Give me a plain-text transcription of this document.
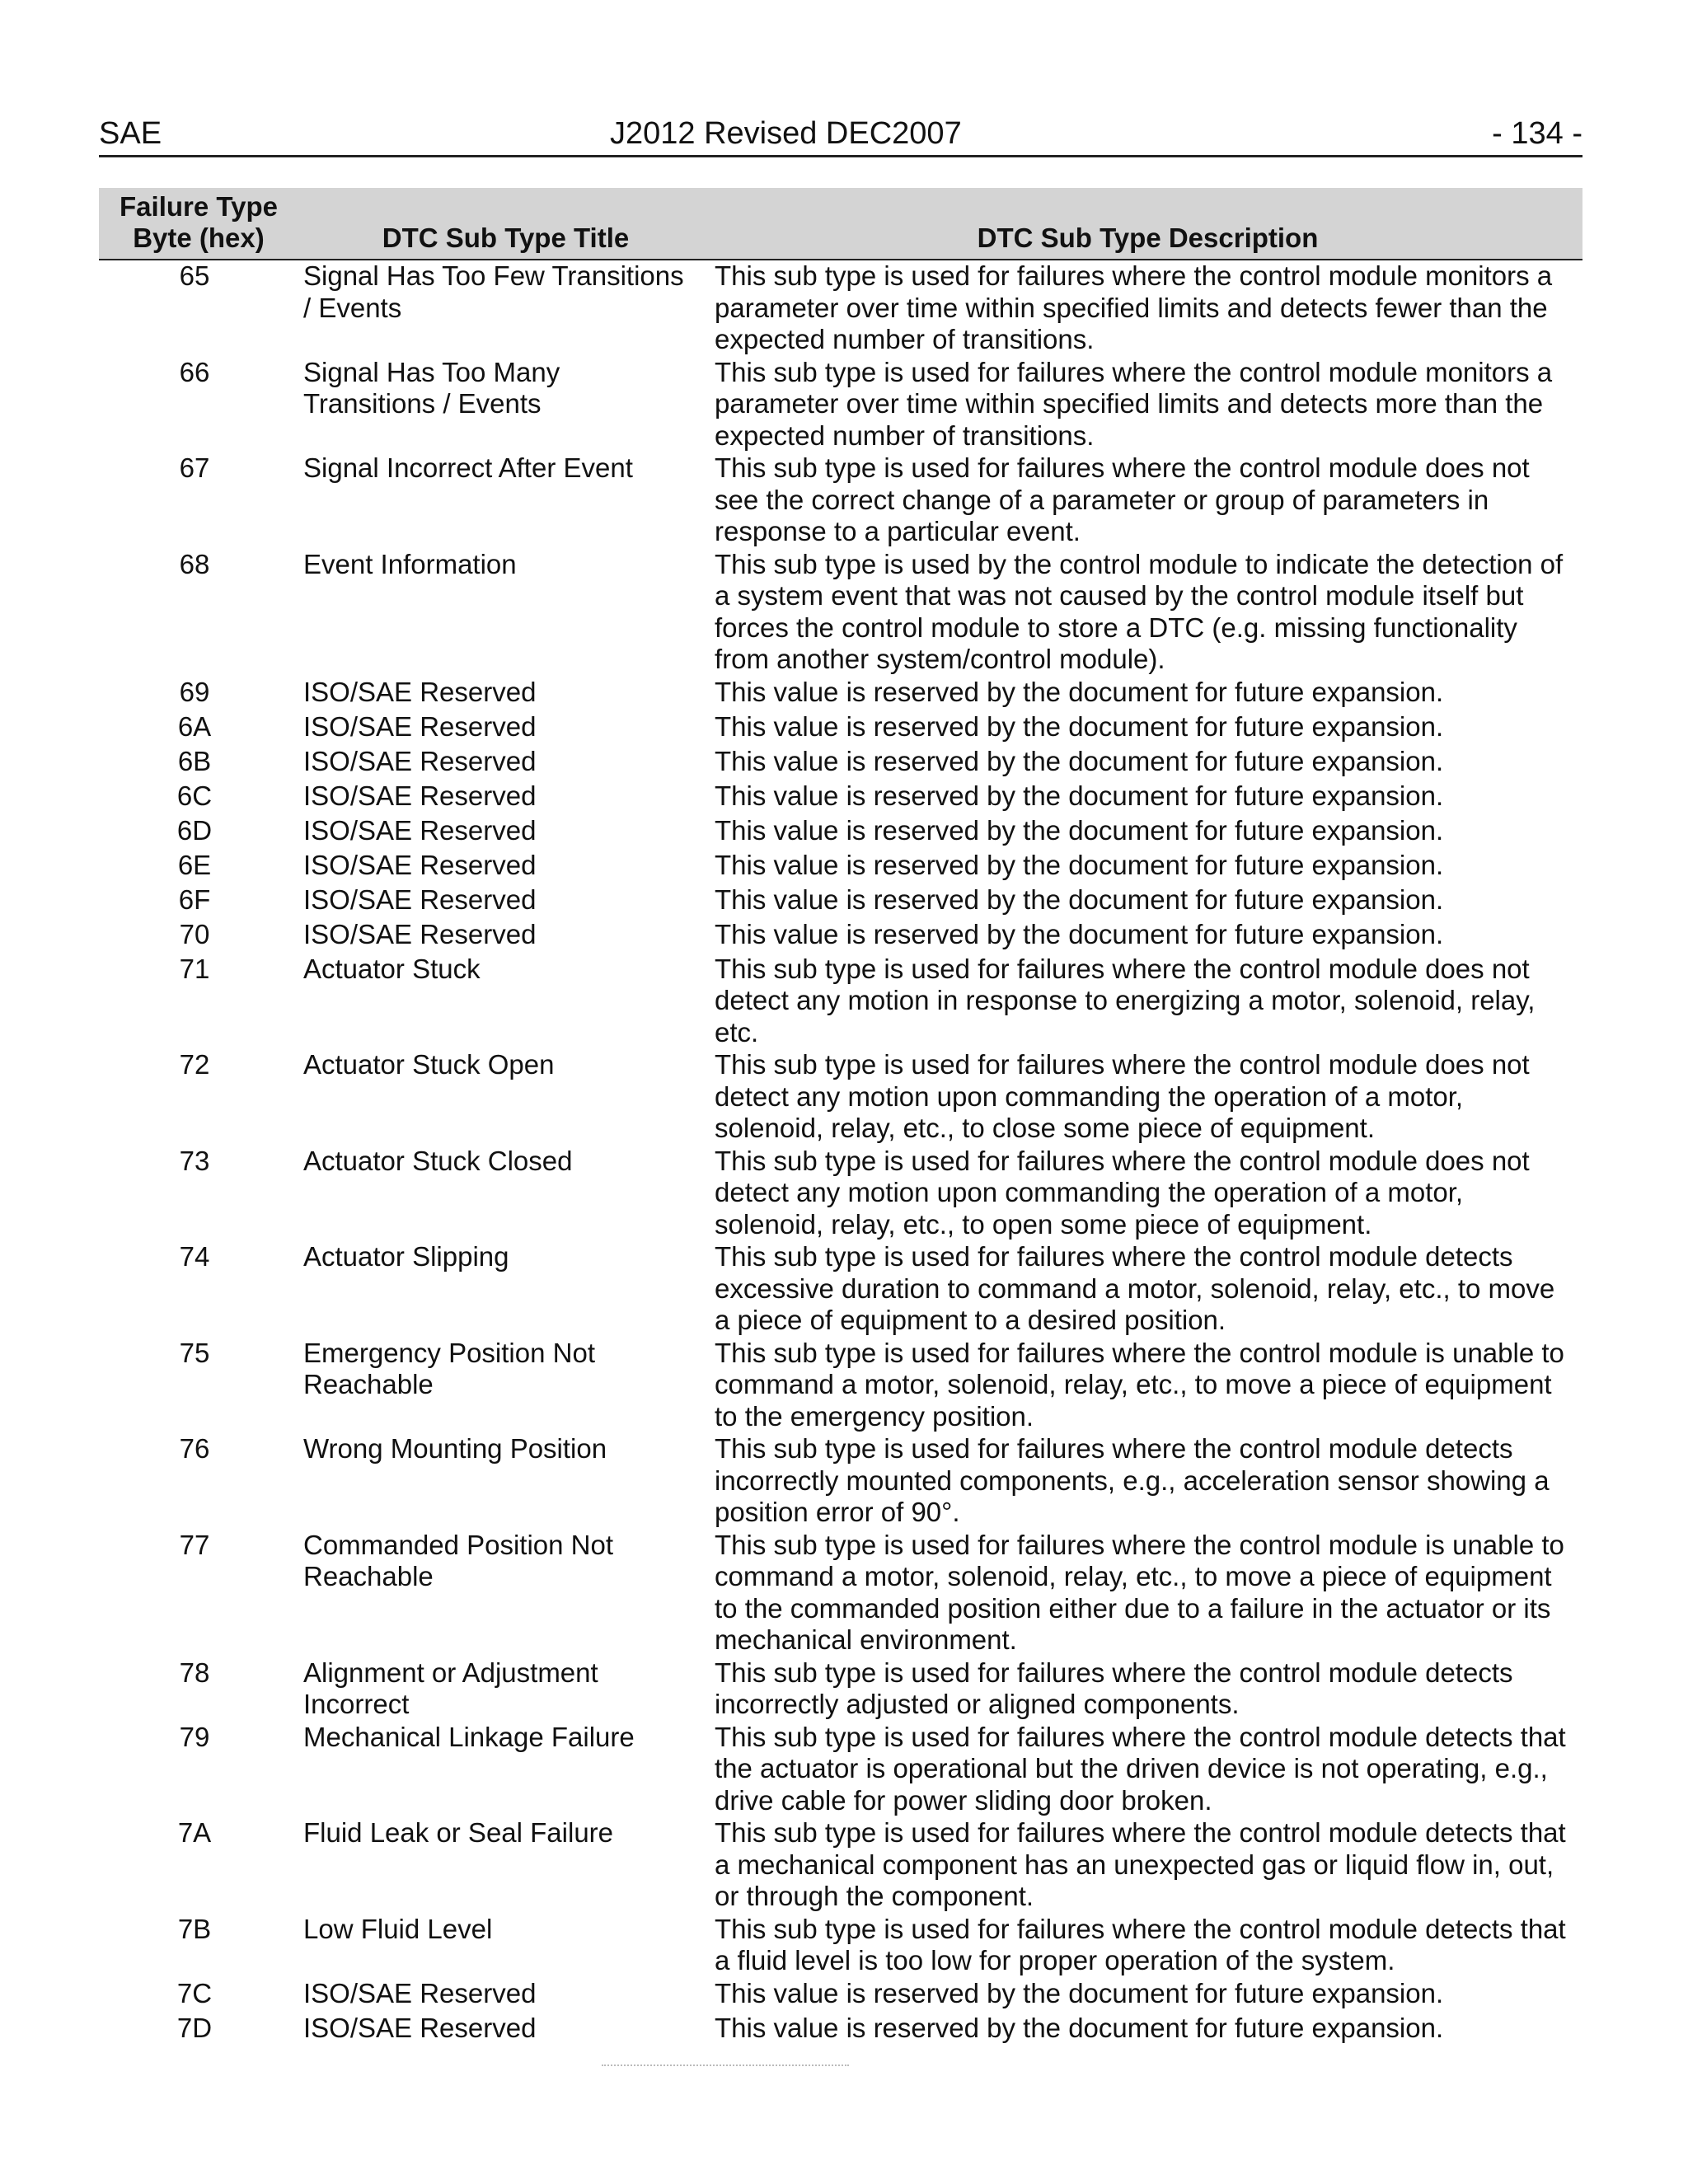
SAE	J2012 Revised DEC2007	- 134 -
Failure Type
Byte (hex)	DTC Sub Type Title	DTC Sub Type Description
65	Signal Has Too Few Transitions / Events	This sub type is used for failures where the control module monitors a parameter over time within specified limits and detects fewer than the expected number of transitions.
66	Signal Has Too Many Transitions / Events	This sub type is used for failures where the control module monitors a parameter over time within specified limits and detects more than the expected number of transitions.
67	Signal Incorrect After Event	This sub type is used for failures where the control module does not see the correct change of a parameter or group of parameters in response to a particular event.
68	Event Information	This sub type is used by the control module to indicate the detection of a system event that was not caused by the control module itself but forces the control module to store a DTC (e.g. missing functionality from another system/control module).
69	ISO/SAE Reserved	This value is reserved by the document for future expansion.
6A	ISO/SAE Reserved	This value is reserved by the document for future expansion.
6B	ISO/SAE Reserved	This value is reserved by the document for future expansion.
6C	ISO/SAE Reserved	This value is reserved by the document for future expansion.
6D	ISO/SAE Reserved	This value is reserved by the document for future expansion.
6E	ISO/SAE Reserved	This value is reserved by the document for future expansion.
6F	ISO/SAE Reserved	This value is reserved by the document for future expansion.
70	ISO/SAE Reserved	This value is reserved by the document for future expansion.
71	Actuator Stuck	This sub type is used for failures where the control module does not detect any motion in response to energizing a motor, solenoid, relay, etc.
72	Actuator Stuck Open	This sub type is used for failures where the control module does not detect any motion upon commanding the operation of a motor, solenoid, relay, etc., to close some piece of equipment.
73	Actuator Stuck Closed	This sub type is used for failures where the control module does not detect any motion upon commanding the operation of a motor, solenoid, relay, etc., to open some piece of equipment.
74	Actuator Slipping	This sub type is used for failures where the control module detects excessive duration to command a motor, solenoid, relay, etc., to move a piece of equipment to a desired position.
75	Emergency Position Not Reachable	This sub type is used for failures where the control module is unable to command a motor, solenoid, relay, etc., to move a piece of equipment to the emergency position.
76	Wrong Mounting Position	This sub type is used for failures where the control module detects incorrectly mounted components, e.g., acceleration sensor showing a position error of 90°.
77	Commanded Position Not Reachable	This sub type is used for failures where the control module is unable to command a motor, solenoid, relay, etc., to move a piece of equipment to the commanded position either due to a failure in the actuator or its mechanical environment.
78	Alignment or Adjustment Incorrect	This sub type is used for failures where the control module detects incorrectly adjusted or aligned components.
79	Mechanical Linkage Failure	This sub type is used for failures where the control module detects that the actuator is operational but the driven device is not operating, e.g., drive cable for power sliding door broken.
7A	Fluid Leak or Seal Failure	This sub type is used for failures where the control module detects that a mechanical component has an unexpected gas or liquid flow in, out, or through the component.
7B	Low Fluid Level	This sub type is used for failures where the control module detects that a fluid level is too low for proper operation of the system.
7C	ISO/SAE Reserved	This value is reserved by the document for future expansion.
7D	ISO/SAE Reserved	This value is reserved by the document for future expansion.
